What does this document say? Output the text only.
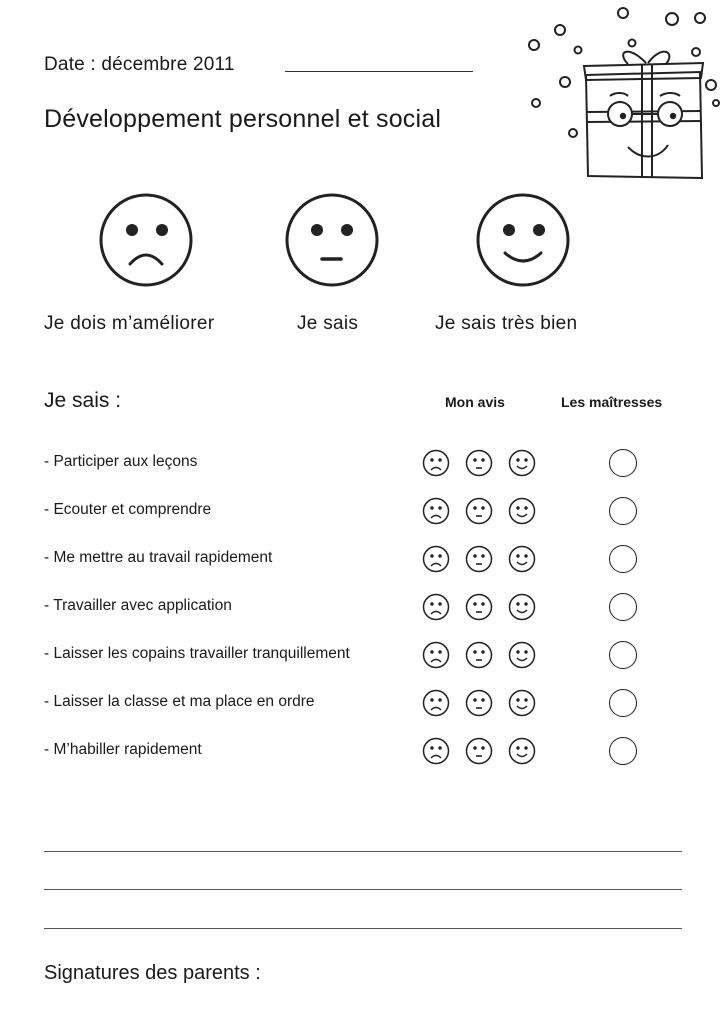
Date : décembre 2011
Développement personnel et social
Je dois m’améliorer	Je sais	Je sais très bien
Je sais :	Mon avis	Les maîtresses
- Participer aux leçons
- Ecouter et comprendre
- Me mettre au travail rapidement
- Travailler avec application
- Laisser les copains travailler tranquillement
- Laisser la classe et ma place en ordre
- M’habiller rapidement
Signatures des parents :
